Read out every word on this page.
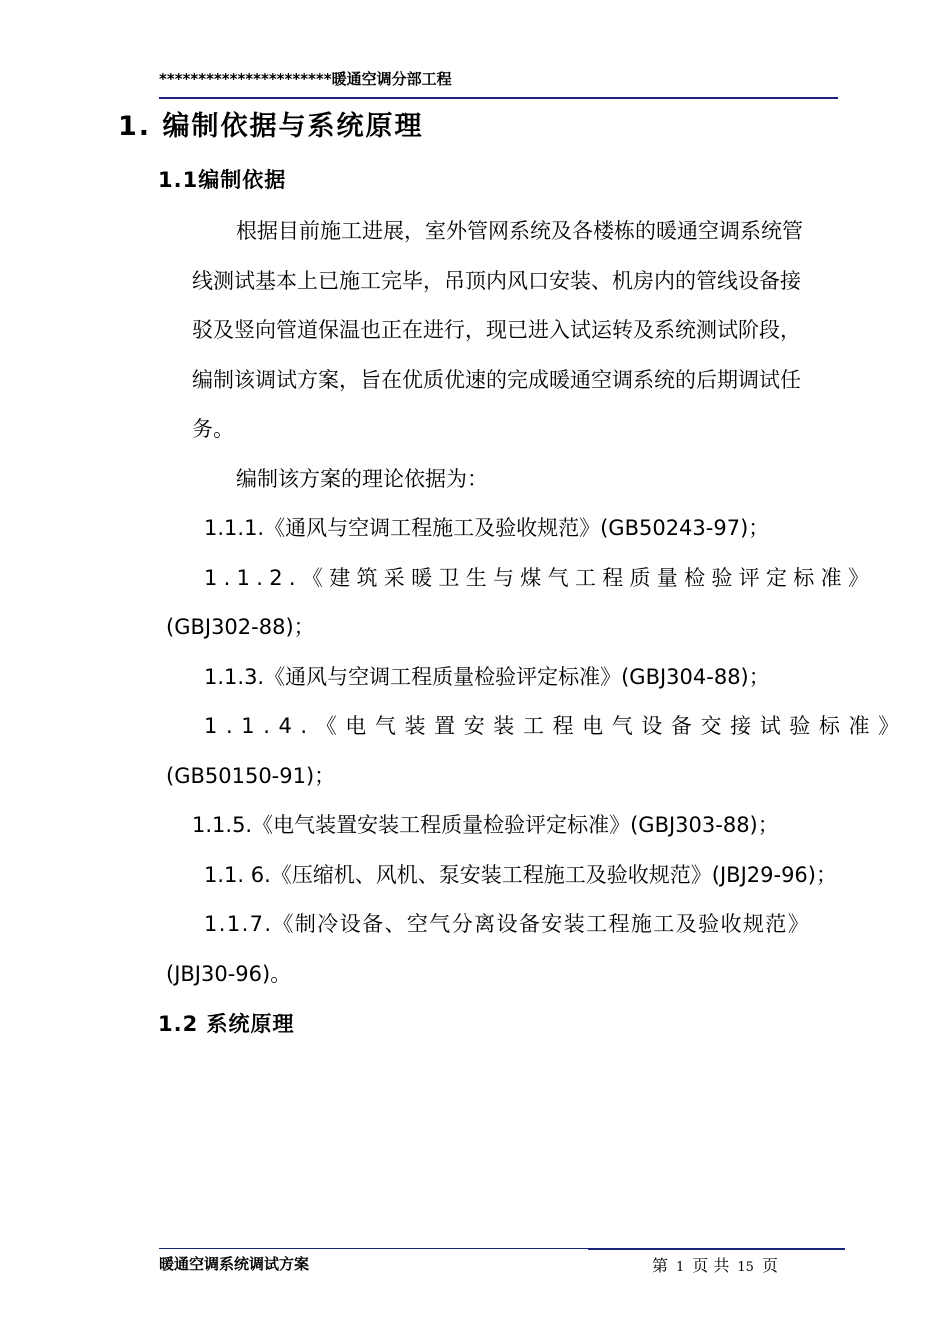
**********************暖通空调分部工程
1. 编制依据与系统原理
1.1编制依据
根据目前施工进展，室外管网系统及各楼栋的暖通空调系统管
线测试基本上已施工完毕，吊顶内风口安装、机房内的管线设备接
驳及竖向管道保温也正在进行，现已进入试运转及系统测试阶段，
编制该调试方案，旨在优质优速的完成暖通空调系统的后期调试任
务。
编制该方案的理论依据为：
1.1.1.《通风与空调工程施工及验收规范》(GB50243-97)；
1.1.2.《建筑采暖卫生与煤气工程质量检验评定标准》
(GBJ302-88)；
1.1.3.《通风与空调工程质量检验评定标准》(GBJ304-88)；
1.1.4.《电气装置安装工程电气设备交接试验标准》
(GB50150-91)；
1.1.5.《电气装置安装工程质量检验评定标准》(GBJ303-88)；
1.1. 6.《压缩机、风机、泵安装工程施工及验收规范》(JBJ29-96)；
1.1.7.《制冷设备、空气分离设备安装工程施工及验收规范》
(JBJ30-96)。
1.2 系统原理
暖通空调系统调试方案	第 1 页 共 15 页
